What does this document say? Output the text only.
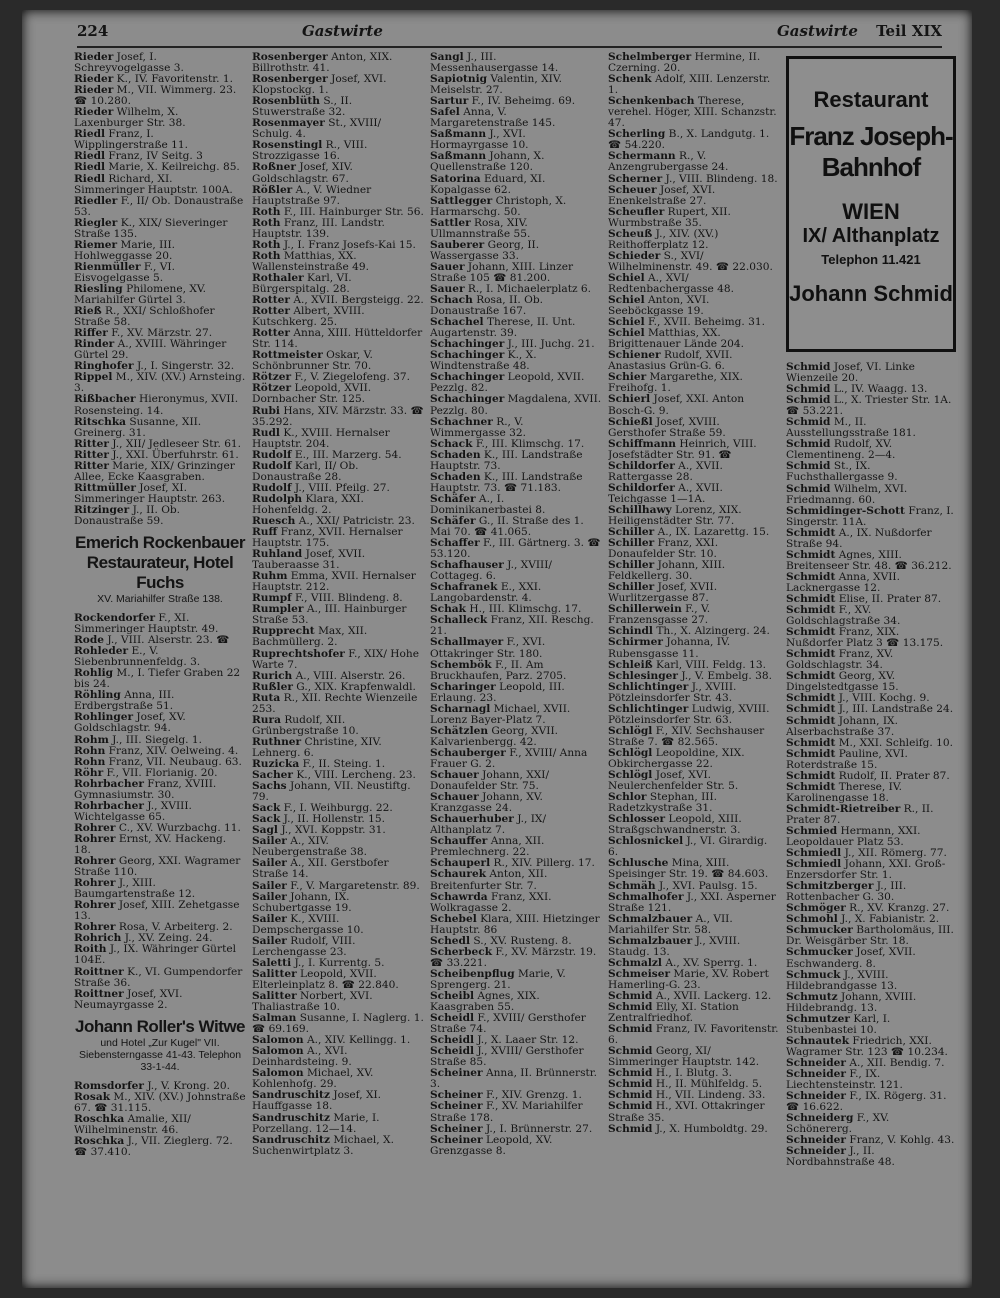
224	Gastwirte	Gastwirte Teil XIX
Rieder Josef, I. Schreyvogelgasse 3.
Rieder K., IV. Favoritenstr. 1.
Rieder M., VII. Wimmerg. 23. ☎ 10.280.
Rieder Wilhelm, X. Laxenburger Str. 38.
Riedl Franz, I. Wipplingerstraße 11.
Riedl Franz, IV Seitg. 3
Riedl Marie, X. Keilreichg. 85.
Riedl Richard, XI. Simmeringer Hauptstr. 100A.
Riedler F., II/ Ob. Donaustraße 53.
Riegler K., XIX/ Sieveringer Straße 135.
Riemer Marie, III. Hohlweggasse 20.
Rienmüller F., VI. Eisvogelgasse 5.
Riesling Philomene, XV. Mariahilfer Gürtel 3.
Rieß R., XXI/ Schloßhofer Straße 58.
Riffer F., XV. Märzstr. 27.
Rinder A., XVIII. Währinger Gürtel 29.
Ringhofer J., I. Singerstr. 32.
Rippel M., XIV. (XV.) Arnsteing. 3.
Rißbacher Hieronymus, XVII. Rosensteing. 14.
Ritschka Susanne, XII. Greinerg. 31.
Ritter J., XII/ Jedleseer Str. 61.
Ritter J., XXI. Überfuhrstr. 61.
Ritter Marie, XIX/ Grinzinger Allee, Ecke Kaasgraben.
Rittmüller Josef, XI. Simmeringer Hauptstr. 263.
Ritzinger J., II. Ob. Donaustraße 59.
Emerich Rockenbauer
Restaurateur, Hotel Fuchs
XV. Mariahilfer Straße 138.
Rockendorfer F., XI. Simmeringer Hauptstr. 49.
Rode J., VIII. Alserstr. 23. ☎
Rohleder E., V. Siebenbrunnenfeldg. 3.
Rohlig M., I. Tiefer Graben 22 bis 24.
Röhling Anna, III. Erdbergstraße 51.
Rohlinger Josef, XV. Goldschlagstr. 94.
Rohm J., III. Siegelg. 1.
Rohn Franz, XIV. Oelweing. 4.
Rohn Franz, VII. Neubaug. 63.
Röhr F., VII. Florianig. 20.
Rohrbacher Franz, XVIII. Gymnasiumstr. 30.
Rohrbacher J., XVIII. Wichtelgasse 65.
Rohrer C., XV. Wurzbachg. 11.
Rohrer Ernst, XV. Hackeng. 18.
Rohrer Georg, XXI. Wagramer Straße 110.
Rohrer J., XIII. Baumgartenstraße 12.
Rohrer Josef, XIII. Zehetgasse 13.
Rohrer Rosa, V. Arbeiterg. 2.
Rohrich J., XV. Zeing. 24.
Roith J., IX. Währinger Gürtel 104E.
Roittner K., VI. Gumpendorfer Straße 36.
Roittner Josef, XVI. Neumayrgasse 2.
Johann Roller's Witwe
und Hotel „Zur Kugel" VII. Siebensterngasse 41-43. Telephon 33-1-44.
Romsdorfer J., V. Krong. 20.
Rosak M., XIV. (XV.) Johnstraße 67. ☎ 31.115.
Roschka Amalie, XII/ Wilhelminenstr. 46.
Roschka J., VII. Zieglerg. 72. ☎ 37.410.
Rosenberger Anton, XIX. Billrothstr. 41.
Rosenberger Josef, XVI. Klopstockg. 1.
Rosenblüth S., II. Stuwerstraße 32.
Rosenmayer St., XVIII/ Schulg. 4.
Rosenstingl R., VIII. Strozzigasse 16.
Roßner Josef, XIV. Goldschlagstr. 67.
Rößler A., V. Wiedner Hauptstraße 97.
Roth F., III. Hainburger Str. 56.
Roth Franz, III. Landstr. Hauptstr. 139.
Roth J., I. Franz Josefs-Kai 15.
Roth Matthias, XX. Wallensteinstraße 49.
Rothaler Karl, VI. Bürgerspitalg. 28.
Rotter A., XVII. Bergsteigg. 22.
Rotter Albert, XVIII. Kutschkerg. 25.
Rotter Anna, XIII. Hütteldorfer Str. 114.
Rottmeister Oskar, V. Schönbrunner Str. 70.
Rötzer F., V. Ziegelofeng. 37.
Rötzer Leopold, XVII. Dornbacher Str. 125.
Rubi Hans, XIV. Märzstr. 33. ☎ 35.292.
Rudl K., XVIII. Hernalser Hauptstr. 204.
Rudolf E., III. Marzerg. 54.
Rudolf Karl, II/ Ob. Donaustraße 28.
Rudolf J., VIII. Pfeilg. 27.
Rudolph Klara, XXI. Hohenfeldg. 2.
Ruesch A., XXI/ Patricistr. 23.
Ruff Franz, XVII. Hernalser Hauptstr. 175.
Ruhland Josef, XVII. Tauberaasse 31.
Ruhm Emma, XVII. Hernalser Hauptstr. 212.
Rumpf F., VIII. Blindeng. 8.
Rumpler A., III. Hainburger Straße 53.
Rupprecht Max, XII. Bachmüllerg. 2.
Ruprechtshofer F., XIX/ Hohe Warte 7.
Rurich A., VIII. Alserstr. 26.
Rußler G., XIX. Krapfenwaldl.
Ruta R., XII. Rechte Wienzeile 253.
Rura Rudolf, XII. Grünbergstraße 10.
Ruthner Christine, XIV. Lehnerg. 6.
Ruzicka F., II. Steing. 1.
Sacher K., VIII. Lercheng. 23.
Sachs Johann, VII. Neustiftg. 79.
Sack F., I. Weihburgg. 22.
Sack J., II. Hollenstr. 15.
Sagl J., XVI. Koppstr. 31.
Sailer A., XIV. Neubergenstraße 38.
Sailer A., XII. Gerstbofer Straße 14.
Sailer F., V. Margaretenstr. 89.
Sailer Johann, IX. Schubertgasse 19.
Sailer K., XVIII. Dempschergasse 10.
Sailer Rudolf, VIII. Lerchengasse 23.
Saletti J., I. Kurrentg. 5.
Salitter Leopold, XVII. Elterleinplatz 8. ☎ 22.840.
Salitter Norbert, XVI. Thaliastraße 10.
Salman Susanne, I. Naglerg. 1. ☎ 69.169.
Salomon A., XIV. Kellingg. 1.
Salomon A., XVI. Deinhardsteing. 9.
Salomon Michael, XV. Kohlenhofg. 29.
Sandruschitz Josef, XI. Hauffgasse 18.
Sandruschitz Marie, I. Porzellang. 12—14.
Sandruschitz Michael, X. Suchenwirtplatz 3.
Sangl J., III. Messenhausergasse 14.
Sapiotnig Valentin, XIV. Meiselstr. 27.
Sartur F., IV. Beheimg. 69.
Safel Anna, V. Margaretenstraße 145.
Saßmann J., XVI. Hormayrgasse 10.
Saßmann Johann, X. Quellenstraße 120.
Satorina Eduard, XI. Kopalgasse 62.
Sattlegger Christoph, X. Harmarschg. 50.
Sattler Rosa, XIV. Ullmannstraße 55.
Sauberer Georg, II. Wassergasse 33.
Sauer Johann, XIII. Linzer Straße 105 ☎ 81.200.
Sauer R., I. Michaelerplatz 6.
Schach Rosa, II. Ob. Donaustraße 167.
Schachel Therese, II. Unt. Augartenstr. 39.
Schachinger J., III. Juchg. 21.
Schachinger K., X. Windtenstraße 48.
Schachinger Leopold, XVII. Pezzlg. 82.
Schachinger Magdalena, XVII. Pezzlg. 80.
Schachner R., V. Wimmergasse 32.
Schack F., III. Klimschg. 17.
Schaden K., III. Landstraße Hauptstr. 73.
Schaden K., III. Landstraße Hauptstr. 73. ☎ 71.183.
Schäfer A., I. Dominikanerbastei 8.
Schäfer G., II. Straße des 1. Mai 70. ☎ 41.065.
Schaffer F., III. Gärtnerg. 3. ☎ 53.120.
Schafhauser J., XVIII/ Cottageg. 6.
Schafranek E., XXI. Langobardenstr. 4.
Schak H., III. Klimschg. 17.
Schalleck Franz, XII. Reschg. 21.
Schallmayer F., XVI. Ottakringer Str. 180.
Schembök F., II. Am Bruckhaufen, Parz. 2705.
Scharinger Leopold, III. Erlaung. 23.
Scharnagl Michael, XVII. Lorenz Bayer-Platz 7.
Schätzlen Georg, XVII. Kalvarienbergg. 42.
Schauberger F., XVIII/ Anna Frauer G. 2.
Schauer Johann, XXI/ Donaufelder Str. 75.
Schauer Johann, XV. Kranzgasse 24.
Schauerhuber J., IX/ Althanplatz 7.
Schauffer Anna, XII. Premlechnerg. 22.
Schauperl R., XIV. Pillerg. 17.
Schaurek Anton, XII. Breitenfurter Str. 7.
Schawrda Franz, XXI. Wolkragasse 2.
Schebel Klara, XIII. Hietzinger Hauptstr. 86
Schedl S., XV. Rusteng. 8.
Scherbeck F., XV. Märzstr. 19. ☎ 33.221.
Scheibenpflug Marie, V. Sprengerg. 21.
Scheibl Agnes, XIX. Kaasgraben 55.
Scheidl F., XVIII/ Gersthofer Straße 74.
Scheidl J., X. Laaer Str. 12.
Scheidl J., XVIII/ Gersthofer Straße 85.
Scheiner Anna, II. Brünnerstr. 3.
Scheiner F., XIV. Grenzg. 1.
Scheiner F., XV. Mariahilfer Straße 178.
Scheiner J., I. Brünnerstr. 27.
Scheiner Leopold, XV. Grenzgasse 8.
Schelmberger Hermine, II. Czerning. 20.
Schenk Adolf, XIII. Lenzerstr. 1.
Schenkenbach Therese, verehel. Höger, XIII. Schanzstr. 47.
Scherling B., X. Landgutg. 1. ☎ 54.220.
Schermann R., V. Anzengrubergasse 24.
Scherner J., VIII. Blindeng. 18.
Scheuer Josef, XVI. Enenkelstraße 27.
Scheufler Rupert, XII. Wurmbstraße 35.
Scheuß J., XIV. (XV.) Reithofferplatz 12.
Schieder S., XVI/ Wilhelminenstr. 49. ☎ 22.030.
Schiel A., XVI/ Redtenbachergasse 48.
Schiel Anton, XVI. Seeböckgasse 19.
Schiel F., XVII. Beheimg. 31.
Schiel Matthias, XX. Brigittenauer Lände 204.
Schiener Rudolf, XVII. Anastasius Grün-G. 6.
Schier Margarethe, XIX. Freihofg. 1.
Schierl Josef, XXI. Anton Bosch-G. 9.
Schießl Josef, XVIII. Gersthofer Straße 59.
Schiffmann Heinrich, VIII. Josefstädter Str. 91. ☎
Schildorfer A., XVII. Rattergasse 28.
Schildorfer A., XVII. Teichgasse 1—1A.
Schillhawy Lorenz, XIX. Heiligenstädter Str. 77.
Schiller A., IX. Lazarettg. 15.
Schiller Franz, XXI. Donaufelder Str. 10.
Schiller Johann, XIII. Feldkellerg. 30.
Schiller Josef, XVII. Wurlitzergasse 87.
Schillerwein F., V. Franzensgasse 27.
Schindl Th., X. Alzingerg. 24.
Schirmer Johanna, IV. Rubensgasse 11.
Schleiß Karl, VIII. Feldg. 13.
Schlesinger J., V. Embelg. 38.
Schlichtinger J., XVIII. Pötzleinsdorfer Str. 43.
Schlichtinger Ludwig, XVIII. Pötzleinsdorfer Str. 63.
Schlögl F., XIV. Sechshauser Straße 7. ☎ 82.565.
Schlögl Leopoldine, XIX. Obkirchergasse 22.
Schlögl Josef, XVI. Neulerchenfelder Str. 5.
Schlor Stephan, III. Radetzkystraße 31.
Schlosser Leopold, XIII. Straßgschwandnerstr. 3.
Schlosnickel J., VI. Girardig. 6.
Schlusche Mina, XIII. Speisinger Str. 19. ☎ 84.603.
Schmäh J., XVI. Paulsg. 15.
Schmalhofer J., XXI. Asperner Straße 121.
Schmalzbauer A., VII. Mariahilfer Str. 58.
Schmalzbauer J., XVIII. Staudg. 13.
Schmalzl A., XV. Sperrg. 1.
Schmeiser Marie, XV. Robert Hamerling-G. 23.
Schmid A., XVII. Lackerg. 12.
Schmid Elly, XI. Station Zentralfriedhof.
Schmid Franz, IV. Favoritenstr. 6.
Schmid Georg, XI/ Simmeringer Hauptstr. 142.
Schmid H., I. Blutg. 3.
Schmid H., II. Mühlfeldg. 5.
Schmid H., VII. Lindeng. 33.
Schmid H., XVI. Ottakringer Straße 35.
Schmid J., X. Humboldtg. 29.
Schmid Josef, VI. Linke Wienzeile 20.
Schmid L., IV. Waagg. 13.
Schmid L., X. Triester Str. 1A. ☎ 53.221.
Schmid M., II. Ausstellungsstraße 181.
Schmid Rudolf, XV. Clementineng. 2—4.
Schmid St., IX. Fuchsthallergasse 9.
Schmid Wilhelm, XVI. Friedmanng. 60.
Schmidinger-Schott Franz, I. Singerstr. 11A.
Schmidt A., IX. Nußdorfer Straße 94.
Schmidt Agnes, XIII. Breitenseer Str. 48. ☎ 36.212.
Schmidt Anna, XVII. Lacknergasse 12.
Schmidt Elise, II. Prater 87.
Schmidt F., XV. Goldschlagstraße 34.
Schmidt Franz, XIX. Nußdorfer Platz 3 ☎ 13.175.
Schmidt Franz, XV. Goldschlagstr. 34.
Schmidt Georg, XV. Dingelstedtgasse 15.
Schmidt J., VIII. Kochg. 9.
Schmidt J., III. Landstraße 24.
Schmidt Johann, IX. Alserbachstraße 37.
Schmidt M., XXI. Schleifg. 10.
Schmidt Pauline, XVI. Roterdstraße 15.
Schmidt Rudolf, II. Prater 87.
Schmidt Therese, IV. Karolinengasse 18.
Schmidt-Rietreiber R., II. Prater 87.
Schmied Hermann, XXI. Leopoldauer Platz 53.
Schmiedl J., XII. Römerg. 77.
Schmiedl Johann, XXI. Groß-Enzersdorfer Str. 1.
Schmitzberger J., III. Rottenbacher G. 30.
Schmöger R., XV. Kranzg. 27.
Schmohl J., X. Fabianistr. 2.
Schmucker Bartholomäus, III. Dr. Weisgärber Str. 18.
Schmucker Josef, XVII. Eschwanderg. 8.
Schmuck J., XVIII. Hildebrandgasse 13.
Schmutz Johann, XVIII. Hildebrandg. 13.
Schmutzer Karl, I. Stubenbastei 10.
Schnautek Friedrich, XXI. Wagramer Str. 123 ☎ 10.234.
Schneider A., XII. Bendig. 7.
Schneider F., IX. Liechtensteinstr. 121.
Schneider F., IX. Rögerg. 31. ☎ 16.622.
Schneiderg F., XV. Schönererg.
Schneider Franz, V. Kohlg. 43.
Schneider J., II. Nordbahnstraße 48.
Restaurant
Franz Joseph-
Bahnhof
WIEN
IX/ Althanplatz
Telephon 11.421
Johann Schmid
